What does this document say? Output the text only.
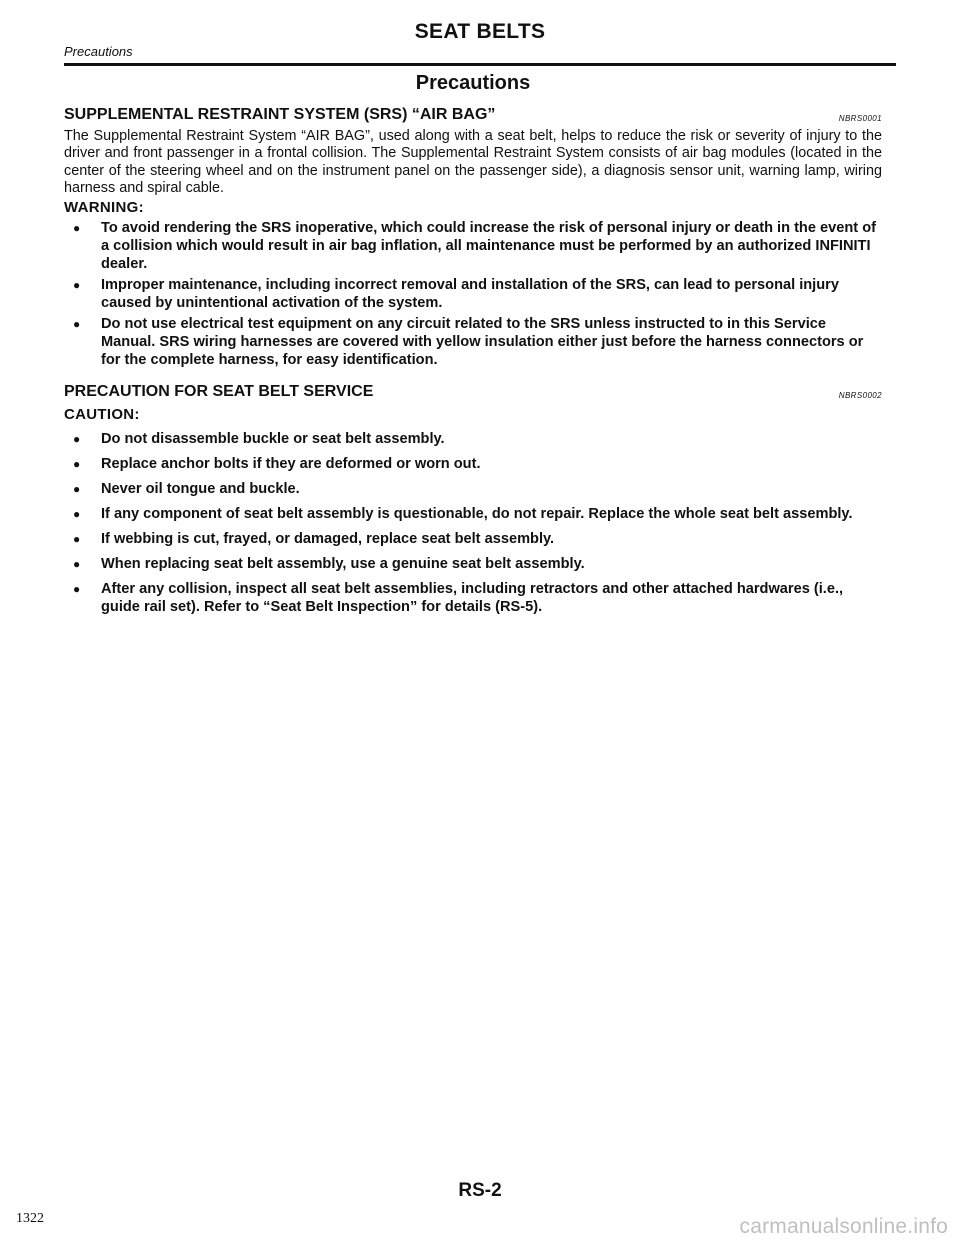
SEAT BELTS
Precautions
Precautions
SUPPLEMENTAL RESTRAINT SYSTEM (SRS) “AIR BAG”	NBRS0001

The Supplemental Restraint System “AIR BAG”, used along with a seat belt, helps to reduce the risk or severity of injury to the driver and front passenger in a frontal collision. The Supplemental Restraint System consists of air bag modules (located in the center of the steering wheel and on the instrument panel on the passenger side), a diagnosis sensor unit, warning lamp, wiring harness and spiral cable.

WARNING:

● To avoid rendering the SRS inoperative, which could increase the risk of personal injury or death in the event of a collision which would result in air bag inflation, all maintenance must be performed by an authorized INFINITI dealer.
● Improper maintenance, including incorrect removal and installation of the SRS, can lead to personal injury caused by unintentional activation of the system.
● Do not use electrical test equipment on any circuit related to the SRS unless instructed to in this Service Manual. SRS wiring harnesses are covered with yellow insulation either just before the harness connectors or for the complete harness, for easy identification.
PRECAUTION FOR SEAT BELT SERVICE	NBRS0002

CAUTION:

● Do not disassemble buckle or seat belt assembly.
● Replace anchor bolts if they are deformed or worn out.
● Never oil tongue and buckle.
● If any component of seat belt assembly is questionable, do not repair. Replace the whole seat belt assembly.
● If webbing is cut, frayed, or damaged, replace seat belt assembly.
● When replacing seat belt assembly, use a genuine seat belt assembly.
● After any collision, inspect all seat belt assemblies, including retractors and other attached hardwares (i.e., guide rail set). Refer to “Seat Belt Inspection” for details (RS-5).
RS-2
1322	carmanualsonline.info
